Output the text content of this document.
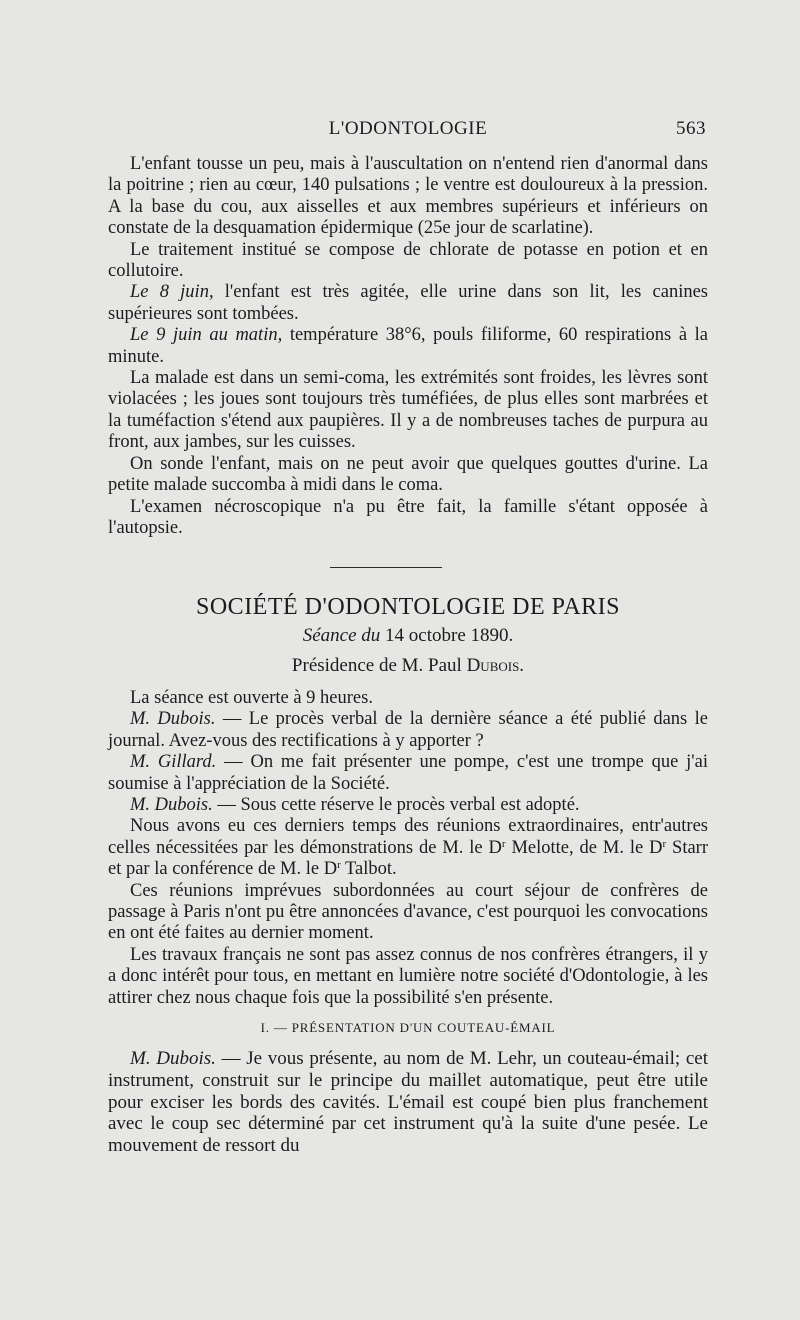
L'ODONTOLOGIE	563

L'enfant tousse un peu, mais à l'auscultation on n'entend rien d'anormal dans la poitrine ; rien au cœur, 140 pulsations ; le ventre est douloureux à la pression. A la base du cou, aux aisselles et aux membres supérieurs et inférieurs on constate de la desquamation épidermique (25e jour de scarlatine).

Le traitement institué se compose de chlorate de potasse en potion et en collutoire.

Le 8 juin, l'enfant est très agitée, elle urine dans son lit, les canines supérieures sont tombées.

Le 9 juin au matin, température 38°6, pouls filiforme, 60 respirations à la minute.

La malade est dans un semi-coma, les extrémités sont froides, les lèvres sont violacées ; les joues sont toujours très tuméfiées, de plus elles sont marbrées et la tuméfaction s'étend aux paupières. Il y a de nombreuses taches de purpura au front, aux jambes, sur les cuisses.

On sonde l'enfant, mais on ne peut avoir que quelques gouttes d'urine. La petite malade succomba à midi dans le coma.

L'examen nécroscopique n'a pu être fait, la famille s'étant opposée à l'autopsie.

SOCIÉTÉ D'ODONTOLOGIE DE PARIS
Séance du 14 octobre 1890.
Présidence de M. Paul Dubois.

La séance est ouverte à 9 heures.

M. Dubois. — Le procès verbal de la dernière séance a été publié dans le journal. Avez-vous des rectifications à y apporter ?

M. Gillard. — On me fait présenter une pompe, c'est une trompe que j'ai soumise à l'appréciation de la Société.

M. Dubois. — Sous cette réserve le procès verbal est adopté.

Nous avons eu ces derniers temps des réunions extraordinaires, entr'autres celles nécessitées par les démonstrations de M. le $D^r$ Melotte, de M. le $D^r$ Starr et par la conférence de M. le $D^r$ Talbot.

Ces réunions imprévues subordonnées au court séjour de confrères de passage à Paris n'ont pu être annoncées d'avance, c'est pourquoi les convocations en ont été faites au dernier moment.

Les travaux français ne sont pas assez connus de nos confrères étrangers, il y a donc intérêt pour tous, en mettant en lumière notre société d'Odontologie, à les attirer chez nous chaque fois que la possibilité s'en présente.

I. — PRÉSENTATION D'UN COUTEAU-ÉMAIL

M. Dubois. — Je vous présente, au nom de M. Lehr, un couteau-émail; cet instrument, construit sur le principe du maillet automatique, peut être utile pour exciser les bords des cavités. L'émail est coupé bien plus franchement avec le coup sec déterminé par cet instrument qu'à la suite d'une pesée. Le mouvement de ressort du
